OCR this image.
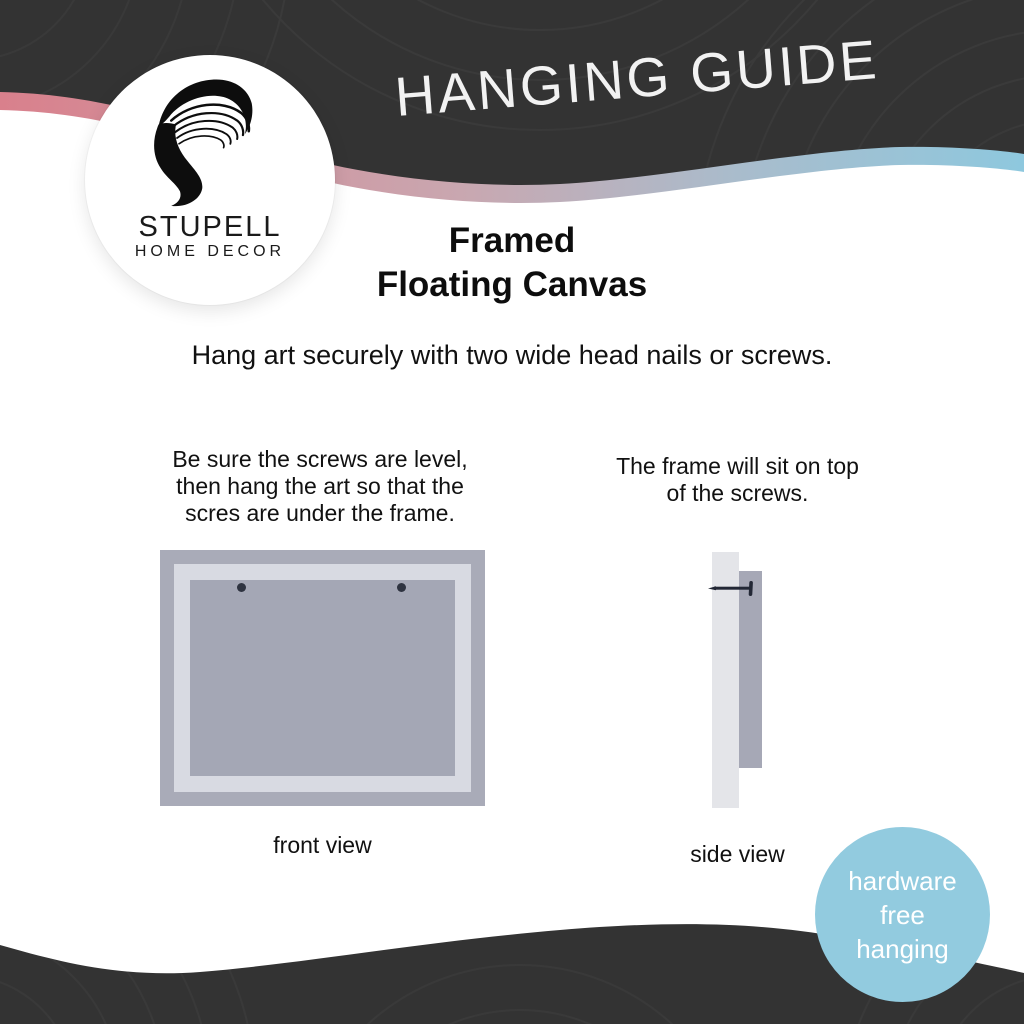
HANGING GUIDE
STUPELL
HOME DECOR	Framed
Floating Canvas
Hang art securely with two wide head nails or screws.
Be sure the screws are level,
then hang the art so that the
scres are under the frame.
The frame will sit on top
of the screws.
front view	side view
hardware
free
hanging
